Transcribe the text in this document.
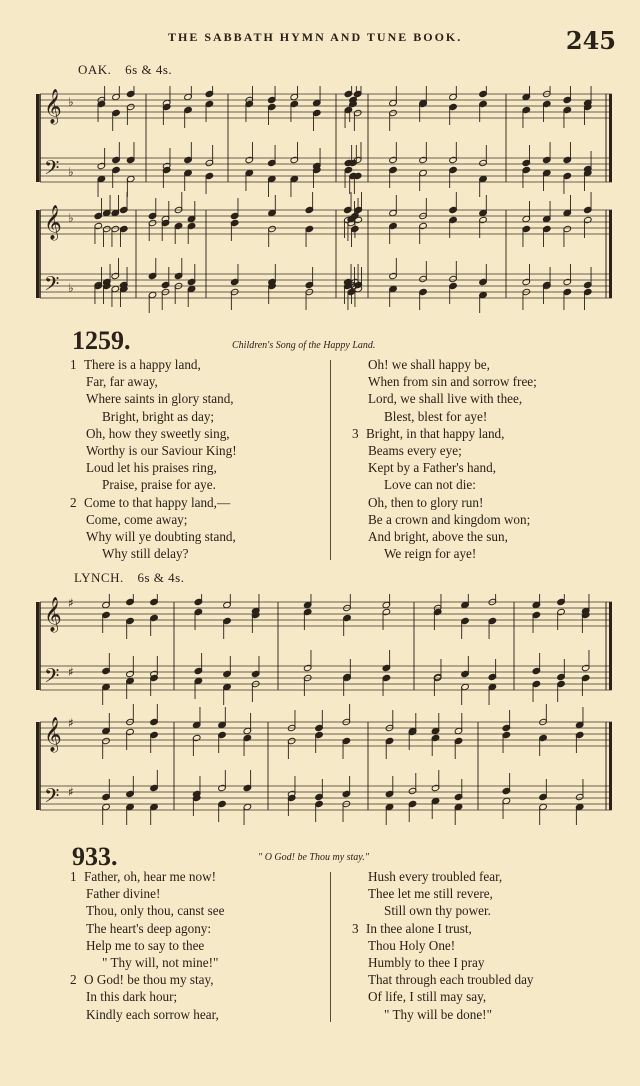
THE SABBATH HYMN AND TUNE BOOK.	245
OAK. 6s & 4s.
𝄞
𝄢
♭
♭
𝄞
𝄢
♭
♭
1259.	Children's Song of the Happy Land.
1 There is a happy land,
Far, far away,
Where saints in glory stand,
Bright, bright as day;
Oh, how they sweetly sing,
Worthy is our Saviour King!
Loud let his praises ring,
Praise, praise for aye.
2 Come to that happy land,—
Come, come away;
Why will ye doubting stand,
Why still delay?
Oh! we shall happy be,
When from sin and sorrow free;
Lord, we shall live with thee,
Blest, blest for aye!
3 Bright, in that happy land,
Beams every eye;
Kept by a Father's hand,
Love can not die:
Oh, then to glory run!
Be a crown and kingdom won;
And bright, above the sun,
We reign for aye!
LYNCH. 6s & 4s.
𝄞
𝄢
♯
♯
𝄞
𝄢
♯
♯
933.	" O God! be Thou my stay."
1 Father, oh, hear me now!
Father divine!
Thou, only thou, canst see
The heart's deep agony:
Help me to say to thee
" Thy will, not mine!"
2 O God! be thou my stay,
In this dark hour;
Kindly each sorrow hear,
Hush every troubled fear,
Thee let me still revere,
Still own thy power.
3 In thee alone I trust,
Thou Holy One!
Humbly to thee I pray
That through each troubled day
Of life, I still may say,
" Thy will be done!"
